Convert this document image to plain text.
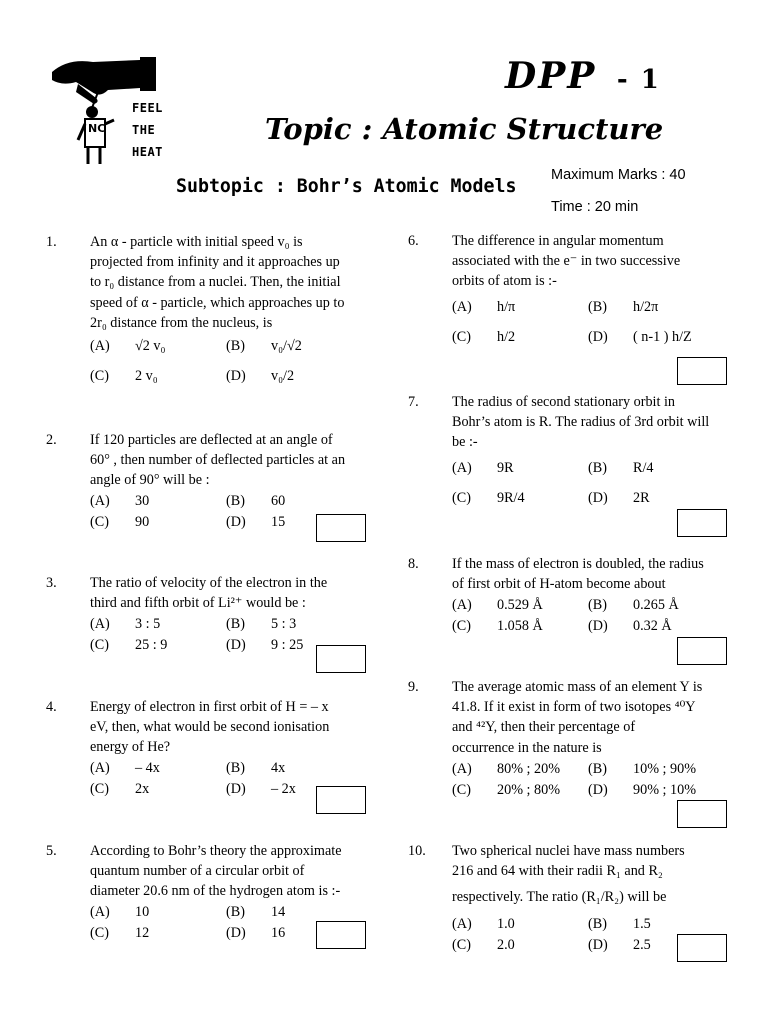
NC
FEEL
THE
HEAT
DPP - 1
Topic : Atomic Structure
Subtopic : Bohr’s Atomic Models Maximum Marks : 40
Time : 20 min
1. An α - particle with initial speed v₀ is
projected from infinity and it approaches up
to r₀ distance from a nuclei. Then, the initial
speed of α - particle, which approaches up to
2r₀ distance from the nucleus, is
(A) √2 v₀	(B) v₀/√2
(C) 2 v₀	(D) v₀/2
2. If 120 particles are deflected at an angle of
60° , then number of deflected particles at an
angle of 90° will be :
(A) 30	(B) 60
(C) 90	(D) 15
3. The ratio of velocity of the electron in the
third and fifth orbit of Li²⁺ would be :
(A) 3 : 5	(B) 5 : 3
(C) 25 : 9	(D) 9 : 25
4. Energy of electron in first orbit of H = – x
eV, then, what would be second ionisation
energy of He?
(A) – 4x	(B) 4x
(C) 2x	(D) – 2x
5. According to Bohr’s theory the approximate
quantum number of a circular orbit of
diameter 20.6 nm of the hydrogen atom is :-
(A) 10	(B) 14
(C) 12	(D) 16
6. The difference in angular momentum
associated with the e⁻ in two successive
orbits of atom is :-
(A) h/π	(B) h/2π
(C) h/2	(D) ( n-1 ) h/Z
7. The radius of second stationary orbit in
Bohr’s atom is R. The radius of 3rd orbit will
be :-
(A) 9R	(B) R/4
(C) 9R/4	(D) 2R
8. If the mass of electron is doubled, the radius
of first orbit of H-atom become about
(A) 0.529 Å	(B) 0.265 Å
(C) 1.058 Å	(D) 0.32 Å
9. The average atomic mass of an element Y is
41.8. If it exist in form of two isotopes ⁴⁰Y
and ⁴²Y, then their percentage of
occurrence in the nature is
(A) 80% ; 20% (B) 10% ; 90%
(C) 20% ; 80% (D) 90% ; 10%
10. Two spherical nuclei have mass numbers
216 and 64 with their radii R₁ and R₂
respectively. The ratio (R₁/R₂) will be
(A) 1.0	(B) 1.5
(C) 2.0	(D) 2.5
